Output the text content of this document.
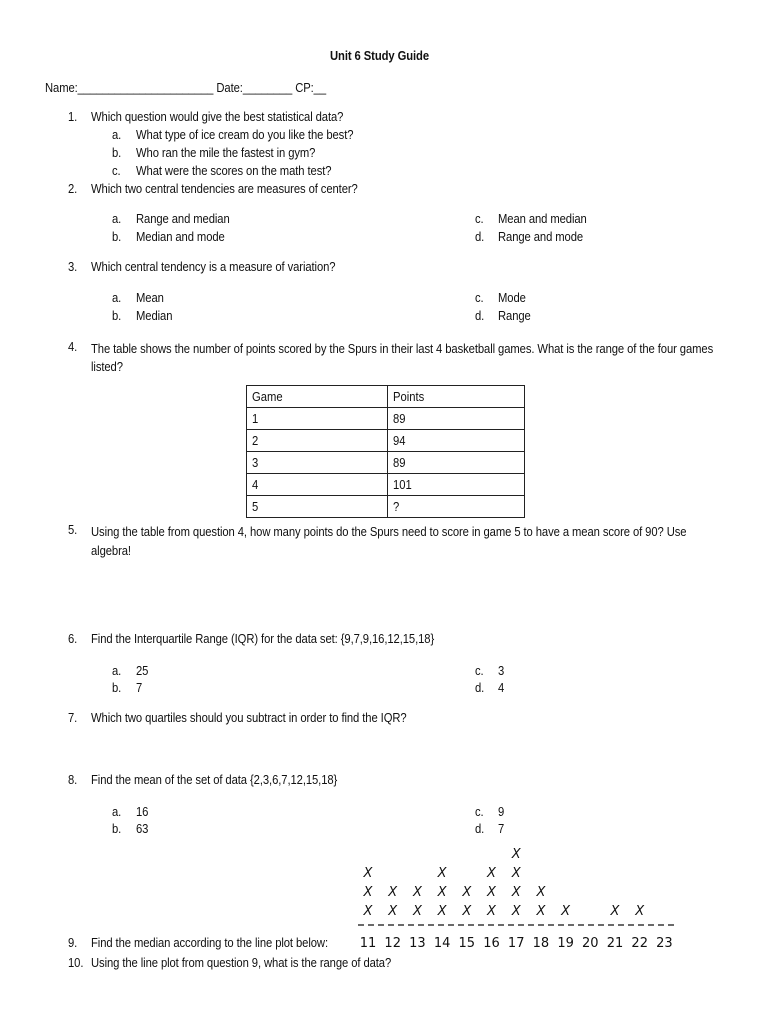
Unit 6 Study Guide
Name:______________________ Date:________ CP:__
1. Which question would give the best statistical data?
a. What type of ice cream do you like the best?
b. Who ran the mile the fastest in gym?
c. What were the scores on the math test?
2. Which two central tendencies are measures of center?
a. Range and median
b. Median and mode
c. Mean and median
d. Range and mode
3. Which central tendency is a measure of variation?
a. Mean
b. Median
c. Mode
d. Range
4. The table shows the number of points scored by the Spurs in their last 4 basketball games. What is the range of the four games listed?
Game	Points
1	89
2	94
3	89
4	101
5	?
5. Using the table from question 4, how many points do the Spurs need to score in game 5 to have a mean score of 90? Use algebra!
6. Find the Interquartile Range (IQR) for the data set: {9,7,9,16,12,15,18}
a. 25
b. 7
c. 3
d. 4
7. Which two quartiles should you subtract in order to find the IQR?
8. Find the mean of the set of data {2,3,6,7,12,15,18}
a. 16
b. 63
c. 9
d. 7
X
X
X
X
X
X
X
X
X
X
X
X
X
X
X
X
X
X
X
X
X
X	X X
11 12 13 14 15 16 17 18 19 20 21 22 23
9. Find the median according to the line plot below:
10. Using the line plot from question 9, what is the range of data?
